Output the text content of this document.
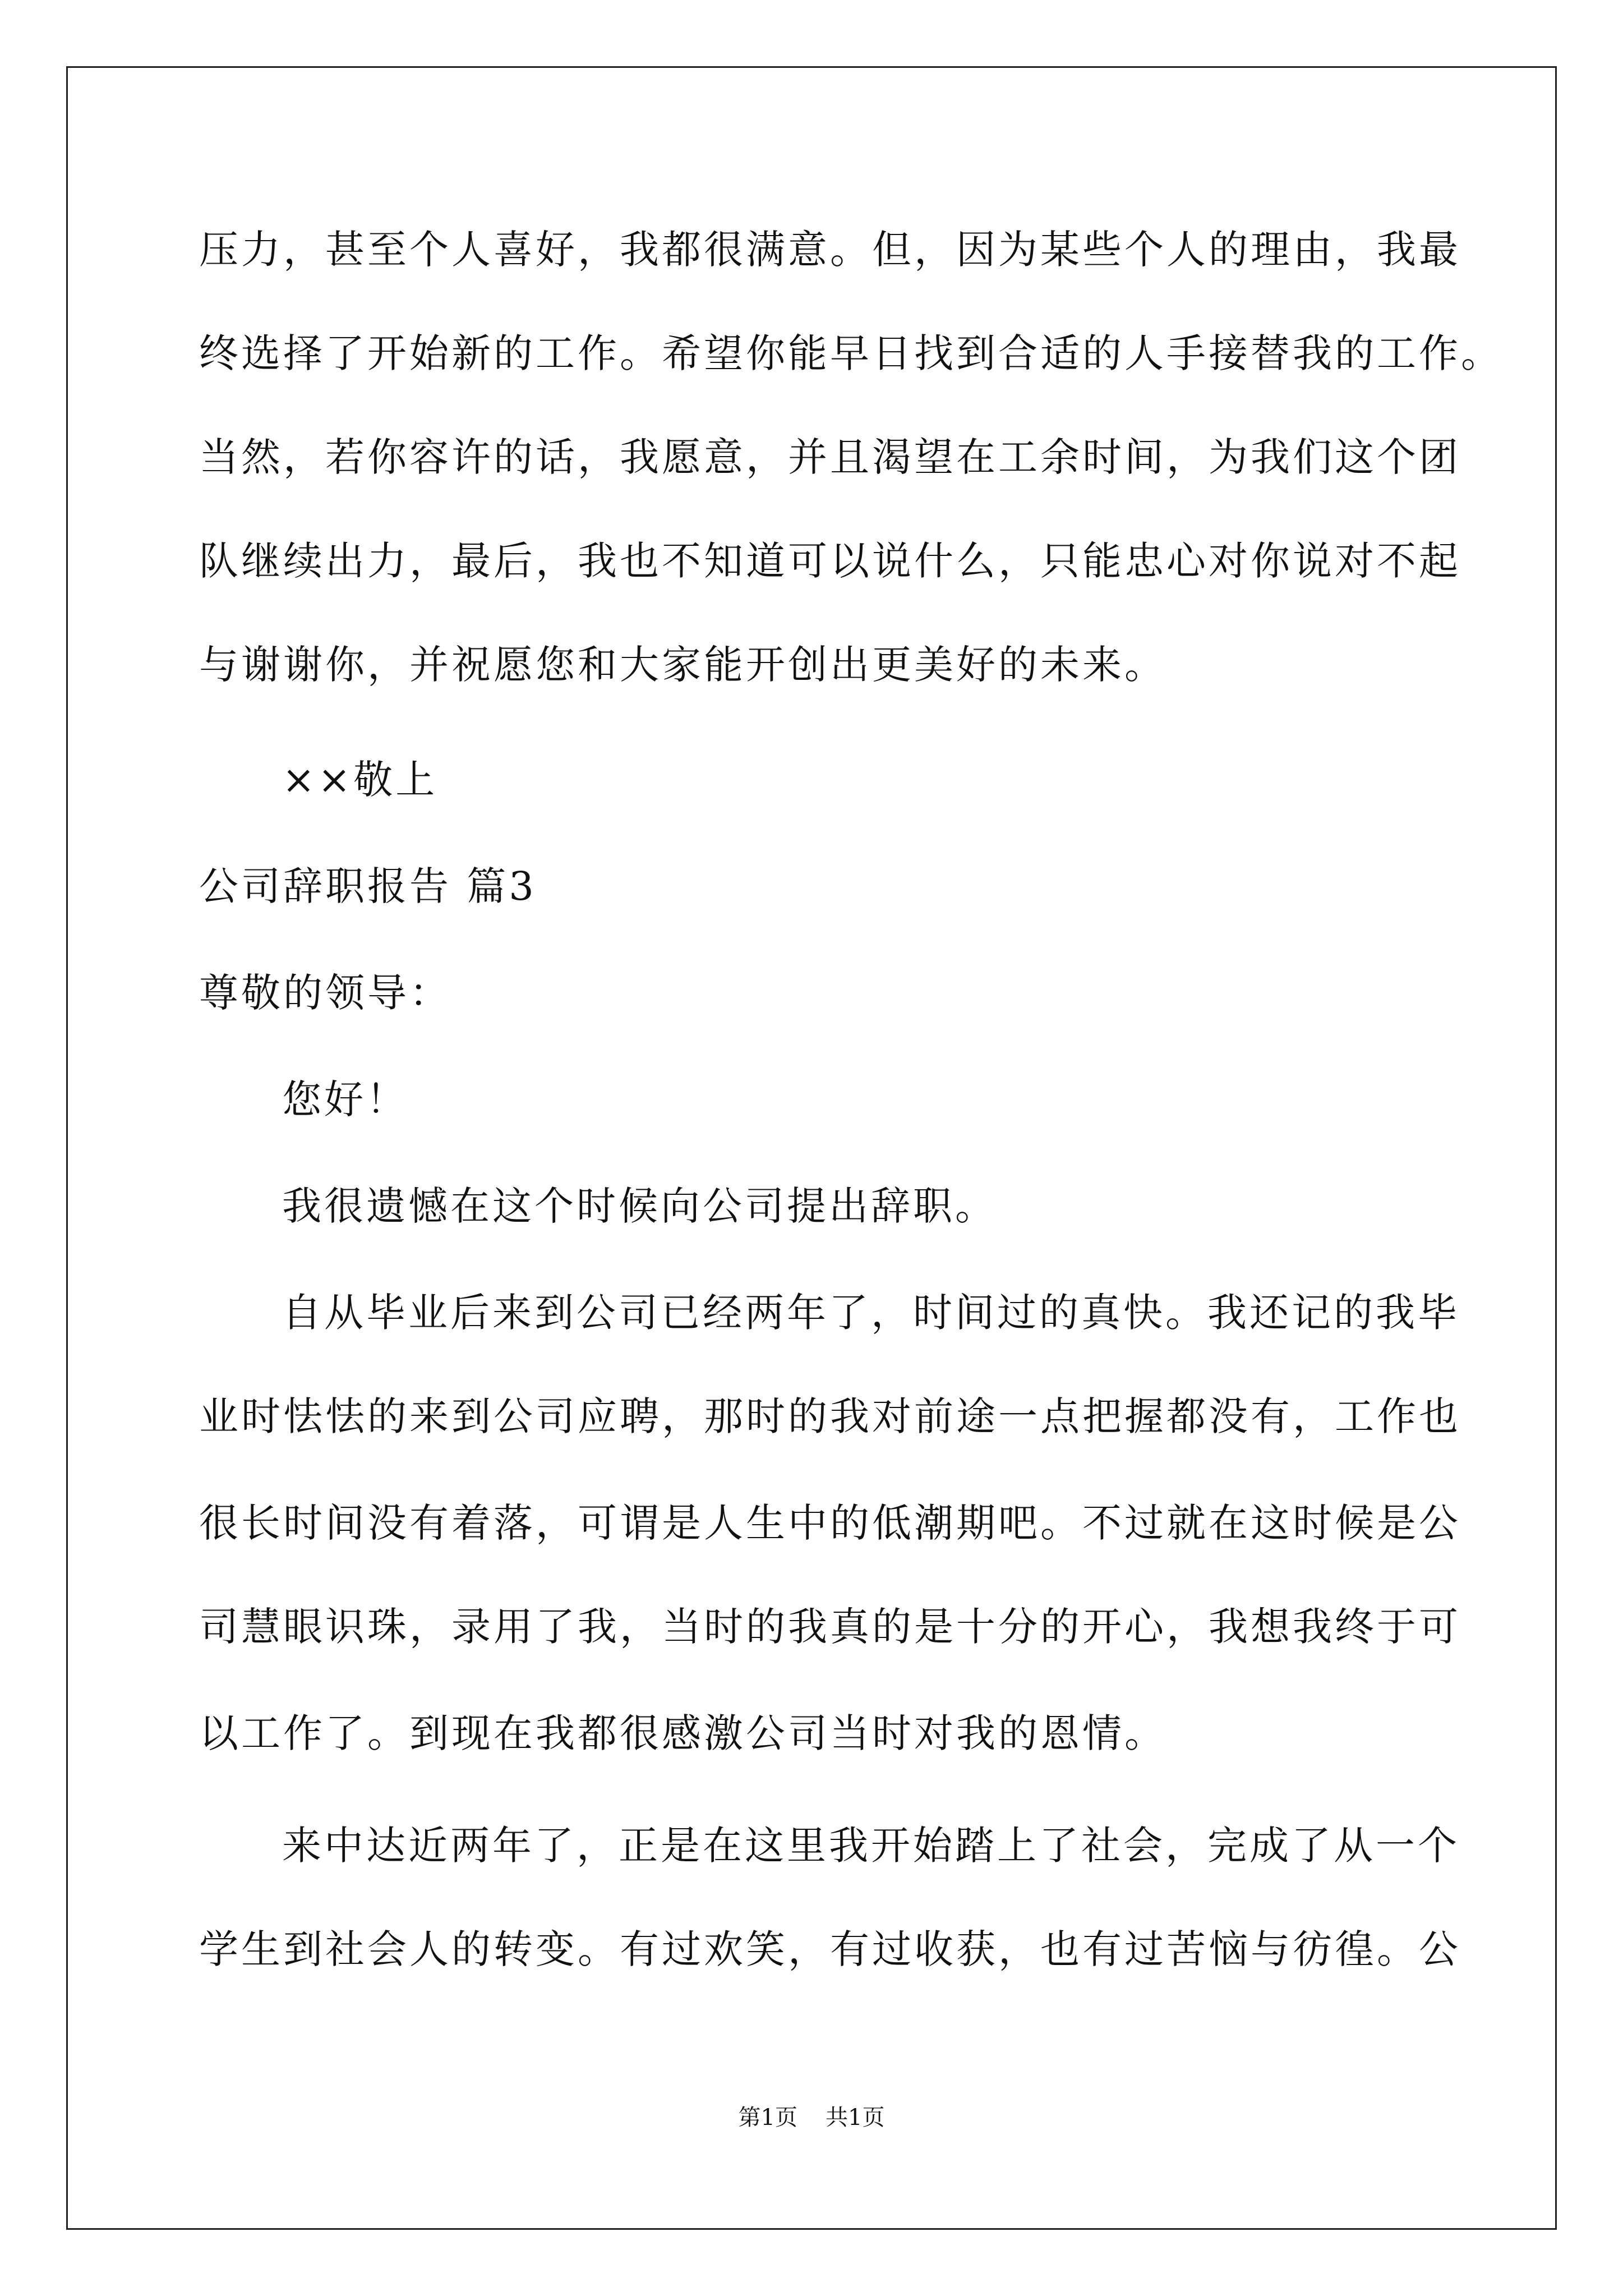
压力，甚至个人喜好，我都很满意。但，因为某些个人的理由，我最
终选择了开始新的工作。希望你能早日找到合适的人手接替我的工作。
当然，若你容许的话，我愿意，并且渴望在工余时间，为我们这个团
队继续出力，最后，我也不知道可以说什么，只能忠心对你说对不起
与谢谢你，并祝愿您和大家能开创出更美好的未来。
××敬上
公司辞职报告 篇3
尊敬的领导：
您好！
我很遗憾在这个时候向公司提出辞职。
自从毕业后来到公司已经两年了，时间过的真快。我还记的我毕
业时怯怯的来到公司应聘，那时的我对前途一点把握都没有，工作也
很长时间没有着落，可谓是人生中的低潮期吧。不过就在这时候是公
司慧眼识珠，录用了我，当时的我真的是十分的开心，我想我终于可
以工作了。到现在我都很感激公司当时对我的恩情。
来中达近两年了，正是在这里我开始踏上了社会，完成了从一个
学生到社会人的转变。有过欢笑，有过收获，也有过苦恼与彷徨。公
第1页 共1页
